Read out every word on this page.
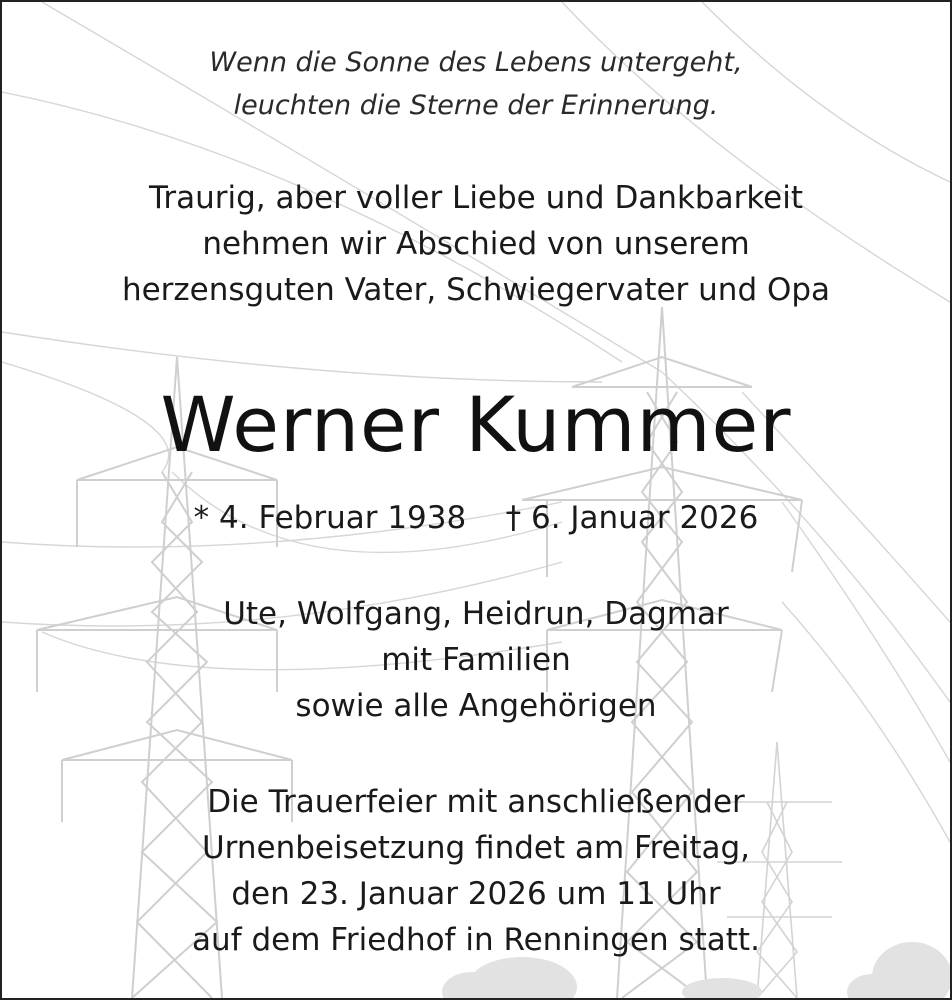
Wenn die Sonne des Lebens untergeht,
leuchten die Sterne der Erinnerung.
Traurig, aber voller Liebe und Dankbarkeit
nehmen wir Abschied von unserem
herzensguten Vater, Schwiegervater und Opa
Werner Kummer
* 4. Februar 1938    † 6. Januar 2026
Ute, Wolfgang, Heidrun, Dagmar
mit Familien
sowie alle Angehörigen
Die Trauerfeier mit anschließender
Urnenbeisetzung findet am Freitag,
den 23. Januar 2026 um 11 Uhr
auf dem Friedhof in Renningen statt.
